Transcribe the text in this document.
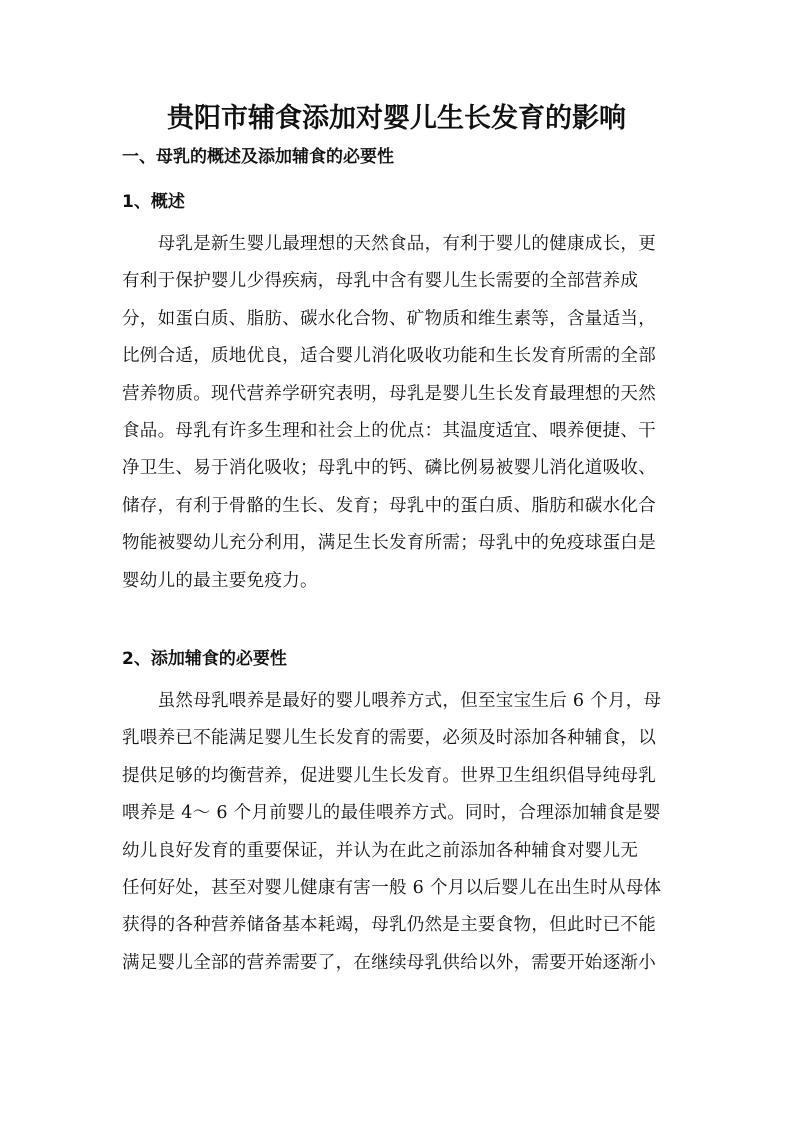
贵阳市辅食添加对婴儿生长发育的影响
一、母乳的概述及添加辅食的必要性
1、概述
　　母乳是新生婴儿最理想的天然食品，有利于婴儿的健康成长，更
有利于保护婴儿少得疾病，母乳中含有婴儿生长需要的全部营养成
分，如蛋白质、脂肪、碳水化合物、矿物质和维生素等，含量适当，
比例合适，质地优良，适合婴儿消化吸收功能和生长发育所需的全部
营养物质。现代营养学研究表明，母乳是婴儿生长发育最理想的天然
食品。母乳有许多生理和社会上的优点：其温度适宜、喂养便捷、干
净卫生、易于消化吸收；母乳中的钙、磷比例易被婴儿消化道吸收、
储存，有利于骨骼的生长、发育；母乳中的蛋白质、脂肪和碳水化合
物能被婴幼儿充分利用，满足生长发育所需；母乳中的免疫球蛋白是
婴幼儿的最主要免疫力。
2、添加辅食的必要性
　　虽然母乳喂养是最好的婴儿喂养方式，但至宝宝生后 6 个月，母
乳喂养已不能满足婴儿生长发育的需要，必须及时添加各种辅食，以
提供足够的均衡营养，促进婴儿生长发育。世界卫生组织倡导纯母乳
喂养是 4～ 6 个月前婴儿的最佳喂养方式。同时，合理添加辅食是婴
幼儿良好发育的重要保证，并认为在此之前添加各种辅食对婴儿无
任何好处，甚至对婴儿健康有害一般 6 个月以后婴儿在出生时从母体
获得的各种营养储备基本耗竭，母乳仍然是主要食物，但此时已不能
满足婴儿全部的营养需要了，在继续母乳供给以外，需要开始逐渐小
